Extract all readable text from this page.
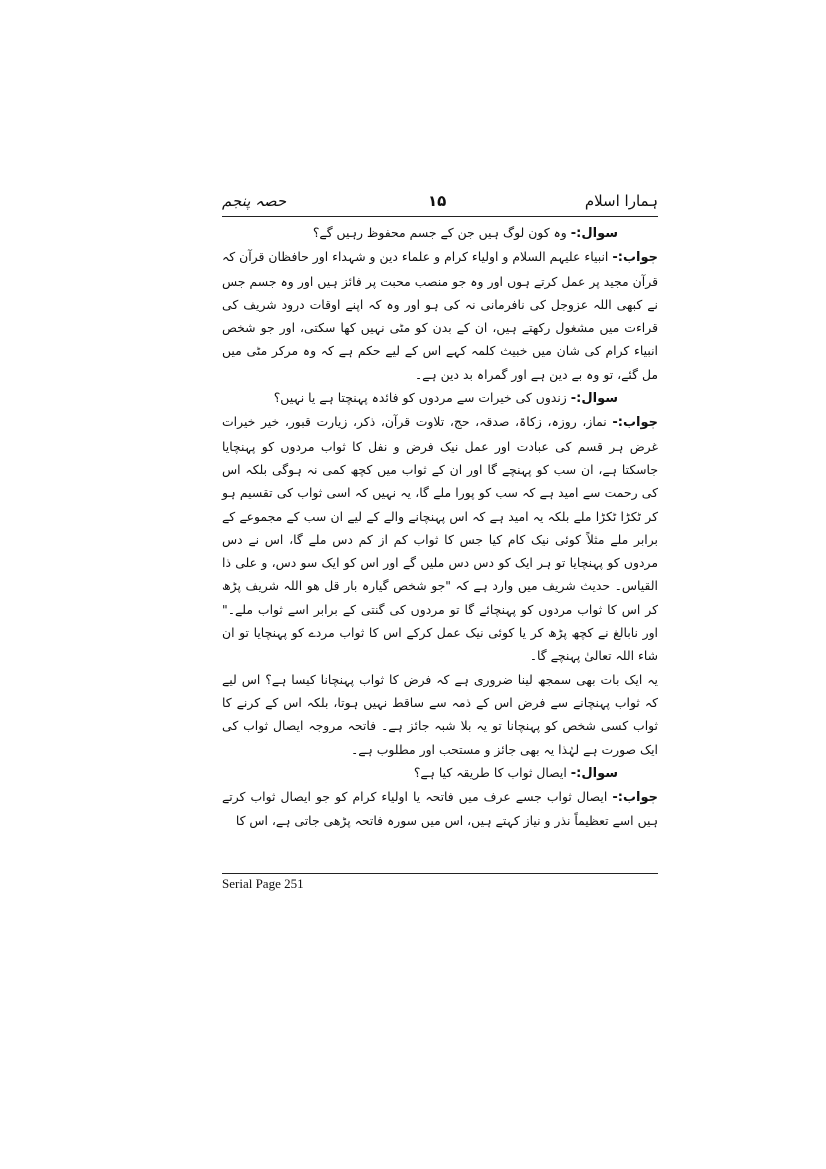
ہمارا اسلام
۱۵
حصہ پنجم

سوال:- وہ کون لوگ ہیں جن کے جسم محفوظ رہیں گے؟

جواب:- انبیاء علیہم السلام و اولیاء کرام و علماء دین و شہداء اور حافظان قرآن کہ قرآن مجید پر عمل کرتے ہوں اور وہ جو منصب محبت پر فائز ہیں اور وہ جسم جس نے کبھی اللہ عزوجل کی نافرمانی نہ کی ہو اور وہ کہ اپنے اوقات درود شریف کی قراءت میں مشغول رکھتے ہیں، ان کے بدن کو مٹی نہیں کھا سکتی، اور جو شخص انبیاء کرام کی شان میں خبیث کلمہ کہے اس کے لیے حکم ہے کہ وہ مرکر مٹی میں مل گئے، تو وہ بے دین ہے اور گمراہ بد دین ہے۔

سوال:- زندوں کی خیرات سے مردوں کو فائدہ پہنچتا ہے یا نہیں؟

جواب:- نماز، روزہ، زکاۃ، صدقہ، حج، تلاوت قرآن، ذکر، زیارت قبور، خیر خیرات غرض ہر قسم کی عبادت اور عمل نیک فرض و نفل کا ثواب مردوں کو پہنچایا جاسکتا ہے، ان سب کو پہنچے گا اور ان کے ثواب میں کچھ کمی نہ ہوگی بلکہ اس کی رحمت سے امید ہے کہ سب کو پورا ملے گا، یہ نہیں کہ اسی ثواب کی تقسیم ہو کر ٹکڑا ٹکڑا ملے بلکہ یہ امید ہے کہ اس پہنچانے والے کے لیے ان سب کے مجموعے کے برابر ملے مثلاً کوئی نیک کام کیا جس کا ثواب کم از کم دس ملے گا، اس نے دس مردوں کو پہنچایا تو ہر ایک کو دس دس ملیں گے اور اس کو ایک سو دس، و علی ذا القیاس۔ حدیث شریف میں وارد ہے کہ "جو شخص گیارہ بار قل ھو اللہ شریف پڑھ کر اس کا ثواب مردوں کو پہنچائے گا تو مردوں کی گنتی کے برابر اسے ثواب ملے۔" اور نابالغ نے کچھ پڑھ کر یا کوئی نیک عمل کرکے اس کا ثواب مردے کو پہنچایا تو ان شاء اللہ تعالیٰ پہنچے گا۔

یہ ایک بات بھی سمجھ لینا ضروری ہے کہ فرض کا ثواب پہنچانا کیسا ہے؟ اس لیے کہ ثواب پہنچانے سے فرض اس کے ذمہ سے ساقط نہیں ہوتا، بلکہ اس کے کرنے کا ثواب کسی شخص کو پہنچانا تو یہ بلا شبہ جائز ہے۔ فاتحہ مروجہ ایصال ثواب کی ایک صورت ہے لہٰذا یہ بھی جائز و مستحب اور مطلوب ہے۔

سوال:- ایصال ثواب کا طریقہ کیا ہے؟

جواب:- ایصال ثواب جسے عرف میں فاتحہ یا اولیاء کرام کو جو ایصال ثواب کرتے ہیں اسے تعظیماً نذر و نیاز کہتے ہیں، اس میں سورہ فاتحہ پڑھی جاتی ہے، اس کا

Serial Page 251
